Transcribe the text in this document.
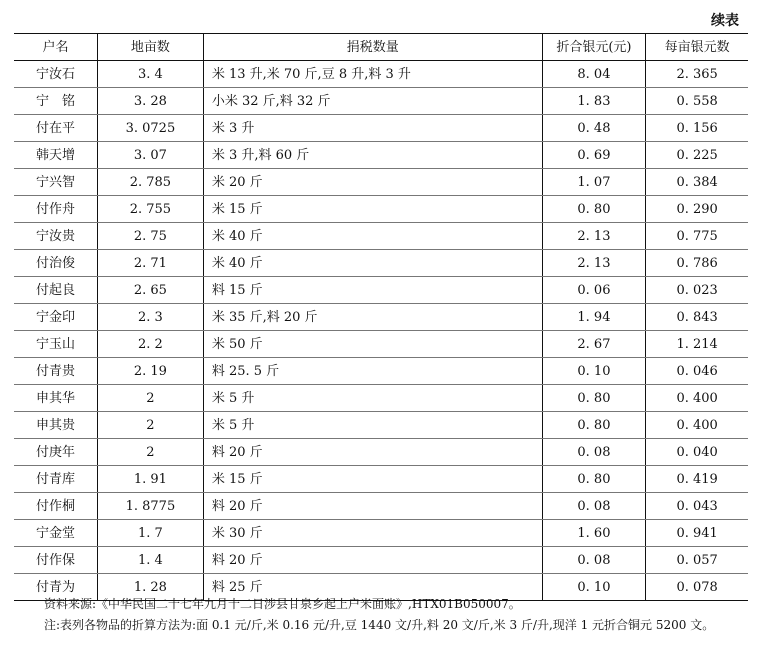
续表
户名	地亩数	捐税数量	折合银元(元)	每亩银元数
宁汝石	3. 4	米 13 升,米 70 斤,豆 8 升,料 3 升	8. 04	2. 365
宁　铭	3. 28	小米 32 斤,料 32 斤	1. 83	0. 558
付在平	3. 0725	米 3 升	0. 48	0. 156
韩天增	3. 07	米 3 升,料 60 斤	0. 69	0. 225
宁兴智	2. 785	米 20 斤	1. 07	0. 384
付作舟	2. 755	米 15 斤	0. 80	0. 290
宁汝贵	2. 75	米 40 斤	2. 13	0. 775
付治俊	2. 71	米 40 斤	2. 13	0. 786
付起良	2. 65	料 15 斤	0. 06	0. 023
宁金印	2. 3	米 35 斤,料 20 斤	1. 94	0. 843
宁玉山	2. 2	米 50 斤	2. 67	1. 214
付青贵	2. 19	料 25. 5 斤	0. 10	0. 046
申其华	2	米 5 升	0. 80	0. 400
申其贵	2	米 5 升	0. 80	0. 400
付庚年	2	料 20 斤	0. 08	0. 040
付青库	1. 91	米 15 斤	0. 80	0. 419
付作桐	1. 8775	料 20 斤	0. 08	0. 043
宁金堂	1. 7	米 30 斤	1. 60	0. 941
付作保	1. 4	料 20 斤	0. 08	0. 057
付青为	1. 28	料 25 斤	0. 10	0. 078

资料来源:《中华民国二十七年九月十二日涉县甘泉乡起上户米面账》,HTX01B050007。

注:表列各物品的折算方法为:面 0.1 元/斤,米 0.16 元/升,豆 1440 文/升,料 20 文/斤,米 3 斤/升,现洋 1 元折合铜元 5200 文。
